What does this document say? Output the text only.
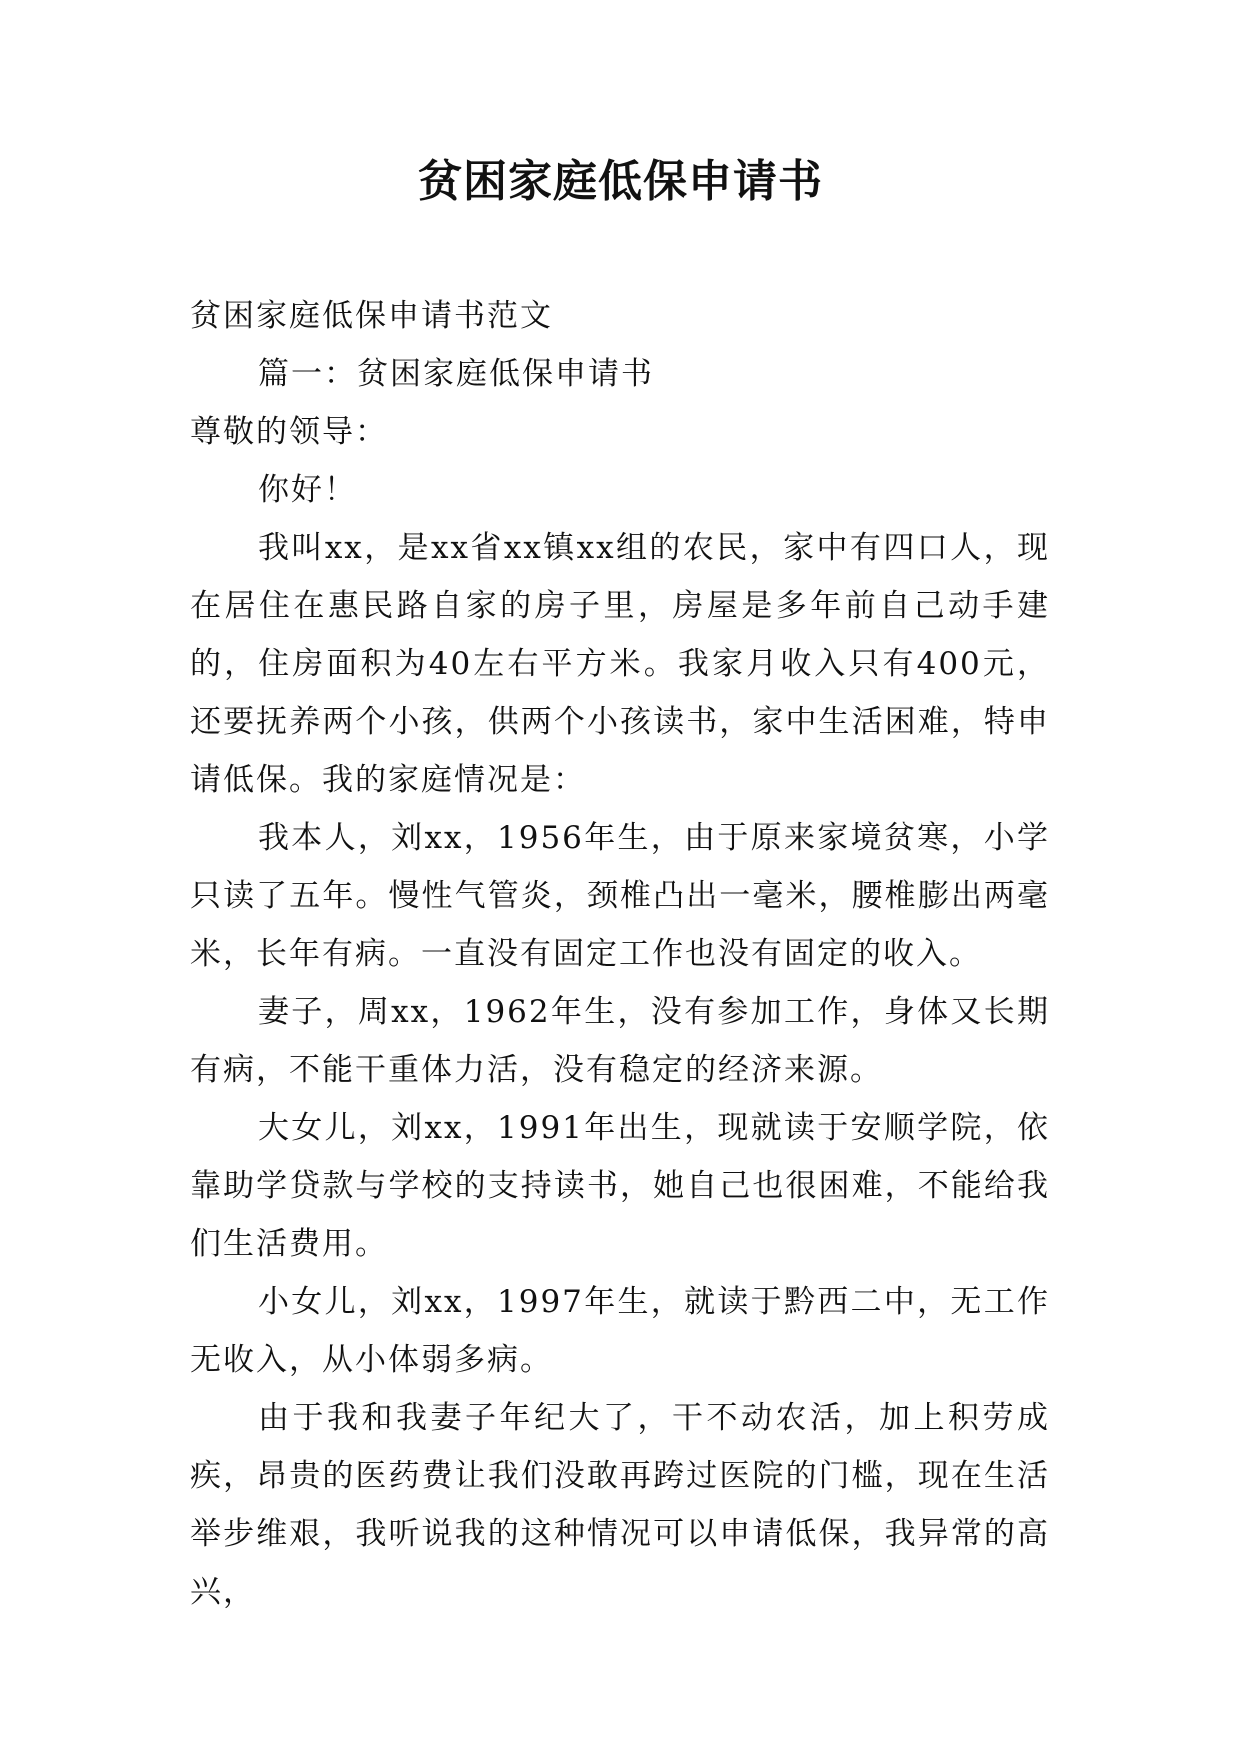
贫困家庭低保申请书

贫困家庭低保申请书范文

篇一：贫困家庭低保申请书

尊敬的领导：

你好！

我叫xx，是xx省xx镇xx组的农民，家中有四口人，现在居住在惠民路自家的房子里，房屋是多年前自己动手建的，住房面积为40左右平方米。我家月收入只有400元，还要抚养两个小孩，供两个小孩读书，家中生活困难，特申请低保。我的家庭情况是：

我本人，刘xx，1956年生，由于原来家境贫寒，小学只读了五年。慢性气管炎，颈椎凸出一毫米，腰椎膨出两毫米，长年有病。一直没有固定工作也没有固定的收入。

妻子，周xx，1962年生，没有参加工作，身体又长期有病，不能干重体力活，没有稳定的经济来源。

大女儿，刘xx，1991年出生，现就读于安顺学院，依靠助学贷款与学校的支持读书，她自己也很困难，不能给我们生活费用。

小女儿，刘xx，1997年生，就读于黔西二中，无工作无收入，从小体弱多病。

由于我和我妻子年纪大了，干不动农活，加上积劳成疾，昂贵的医药费让我们没敢再跨过医院的门槛，现在生活举步维艰，我听说我的这种情况可以申请低保，我异常的高兴，
